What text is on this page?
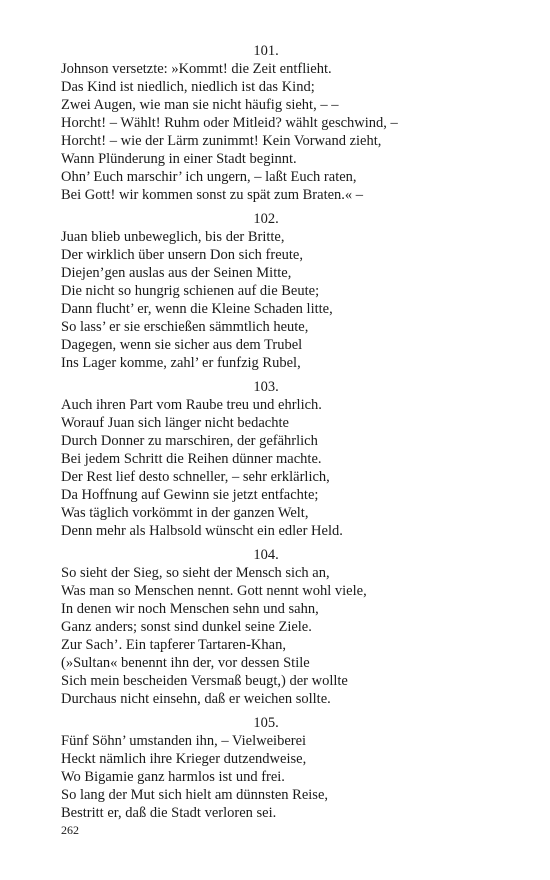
101.
Johnson versetzte: »Kommt! die Zeit entflieht.
Das Kind ist niedlich, niedlich ist das Kind;
Zwei Augen, wie man sie nicht häufig sieht, – –
Horcht! – Wählt! Ruhm oder Mitleid? wählt geschwind, –
Horcht! – wie der Lärm zunimmt! Kein Vorwand zieht,
Wann Plünderung in einer Stadt beginnt.
Ohn’ Euch marschir’ ich ungern, – laßt Euch raten,
Bei Gott! wir kommen sonst zu spät zum Braten.« –
102.
Juan blieb unbeweglich, bis der Britte,
Der wirklich über unsern Don sich freute,
Diejen’gen auslas aus der Seinen Mitte,
Die nicht so hungrig schienen auf die Beute;
Dann flucht’ er, wenn die Kleine Schaden litte,
So lass’ er sie erschießen sämmtlich heute,
Dagegen, wenn sie sicher aus dem Trubel
Ins Lager komme, zahl’ er funfzig Rubel,
103.
Auch ihren Part vom Raube treu und ehrlich.
Worauf Juan sich länger nicht bedachte
Durch Donner zu marschiren, der gefährlich
Bei jedem Schritt die Reihen dünner machte.
Der Rest lief desto schneller, – sehr erklärlich,
Da Hoffnung auf Gewinn sie jetzt entfachte;
Was täglich vorkömmt in der ganzen Welt,
Denn mehr als Halbsold wünscht ein edler Held.
104.
So sieht der Sieg, so sieht der Mensch sich an,
Was man so Menschen nennt. Gott nennt wohl viele,
In denen wir noch Menschen sehn und sahn,
Ganz anders; sonst sind dunkel seine Ziele.
Zur Sach’. Ein tapferer Tartaren-Khan,
(»Sultan« benennt ihn der, vor dessen Stile
Sich mein bescheiden Versmaß beugt,) der wollte
Durchaus nicht einsehn, daß er weichen sollte.
105.
Fünf Söhn’ umstanden ihn, – Vielweiberei
Heckt nämlich ihre Krieger dutzendweise,
Wo Bigamie ganz harmlos ist und frei.
So lang der Mut sich hielt am dünnsten Reise,
Bestritt er, daß die Stadt verloren sei.
262
